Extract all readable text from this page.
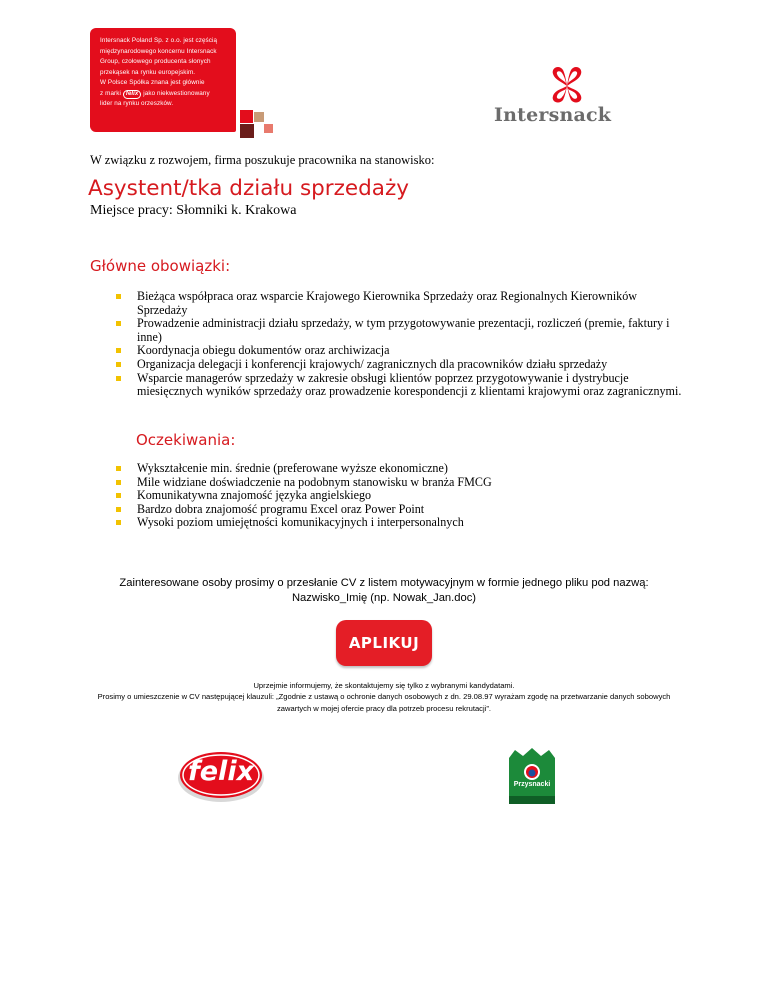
Intersnack Poland Sp. z o.o. jest częścią

międzynarodowego koncernu Intersnack

Group, czołowego producenta słonych

przekąsek na rynku europejskim.

W Polsce Spółka znana jest głównie

z marki felix jako niekwestionowany

lider na rynku orzeszków.

Intersnack
W związku z rozwojem, firma poszukuje pracownika na stanowisko:
Asystent/tka działu sprzedaży
Miejsce pracy: Słomniki k. Krakowa
Główne obowiązki:
Bieżąca współpraca oraz wsparcie Krajowego Kierownika Sprzedaży oraz Regionalnych Kierowników Sprzedaży
Prowadzenie administracji działu sprzedaży, w tym przygotowywanie prezentacji, rozliczeń (premie, faktury i inne)
Koordynacja obiegu dokumentów oraz archiwizacja
Organizacja delegacji i konferencji krajowych/ zagranicznych dla pracowników działu sprzedaży
Wsparcie managerów sprzedaży w zakresie obsługi klientów poprzez przygotowywanie i dystrybucje miesięcznych wyników sprzedaży oraz prowadzenie korespondencji z klientami krajowymi oraz zagranicznymi.
Oczekiwania:
Wykształcenie min. średnie (preferowane wyższe ekonomiczne)
Mile widziane doświadczenie na podobnym stanowisku w branża FMCG
Komunikatywna znajomość języka angielskiego
Bardzo dobra znajomość programu Excel oraz Power Point
Wysoki poziom umiejętności komunikacyjnych i interpersonalnych
Zainteresowane osoby prosimy o przesłanie CV z listem motywacyjnym w formie jednego pliku pod nazwą:
Nazwisko_Imię (np. Nowak_Jan.doc)
APLIKUJ
Uprzejmie informujemy, że skontaktujemy się tylko z wybranymi kandydatami.
Prosimy o umieszczenie w CV następującej klauzuli: „Zgodnie z ustawą o ochronie danych osobowych z dn. 29.08.97 wyrażam zgodę na przetwarzanie danych sobowych zawartych w mojej ofercie pracy dla potrzeb procesu rekrutacji”.
felix	Przysnacki
